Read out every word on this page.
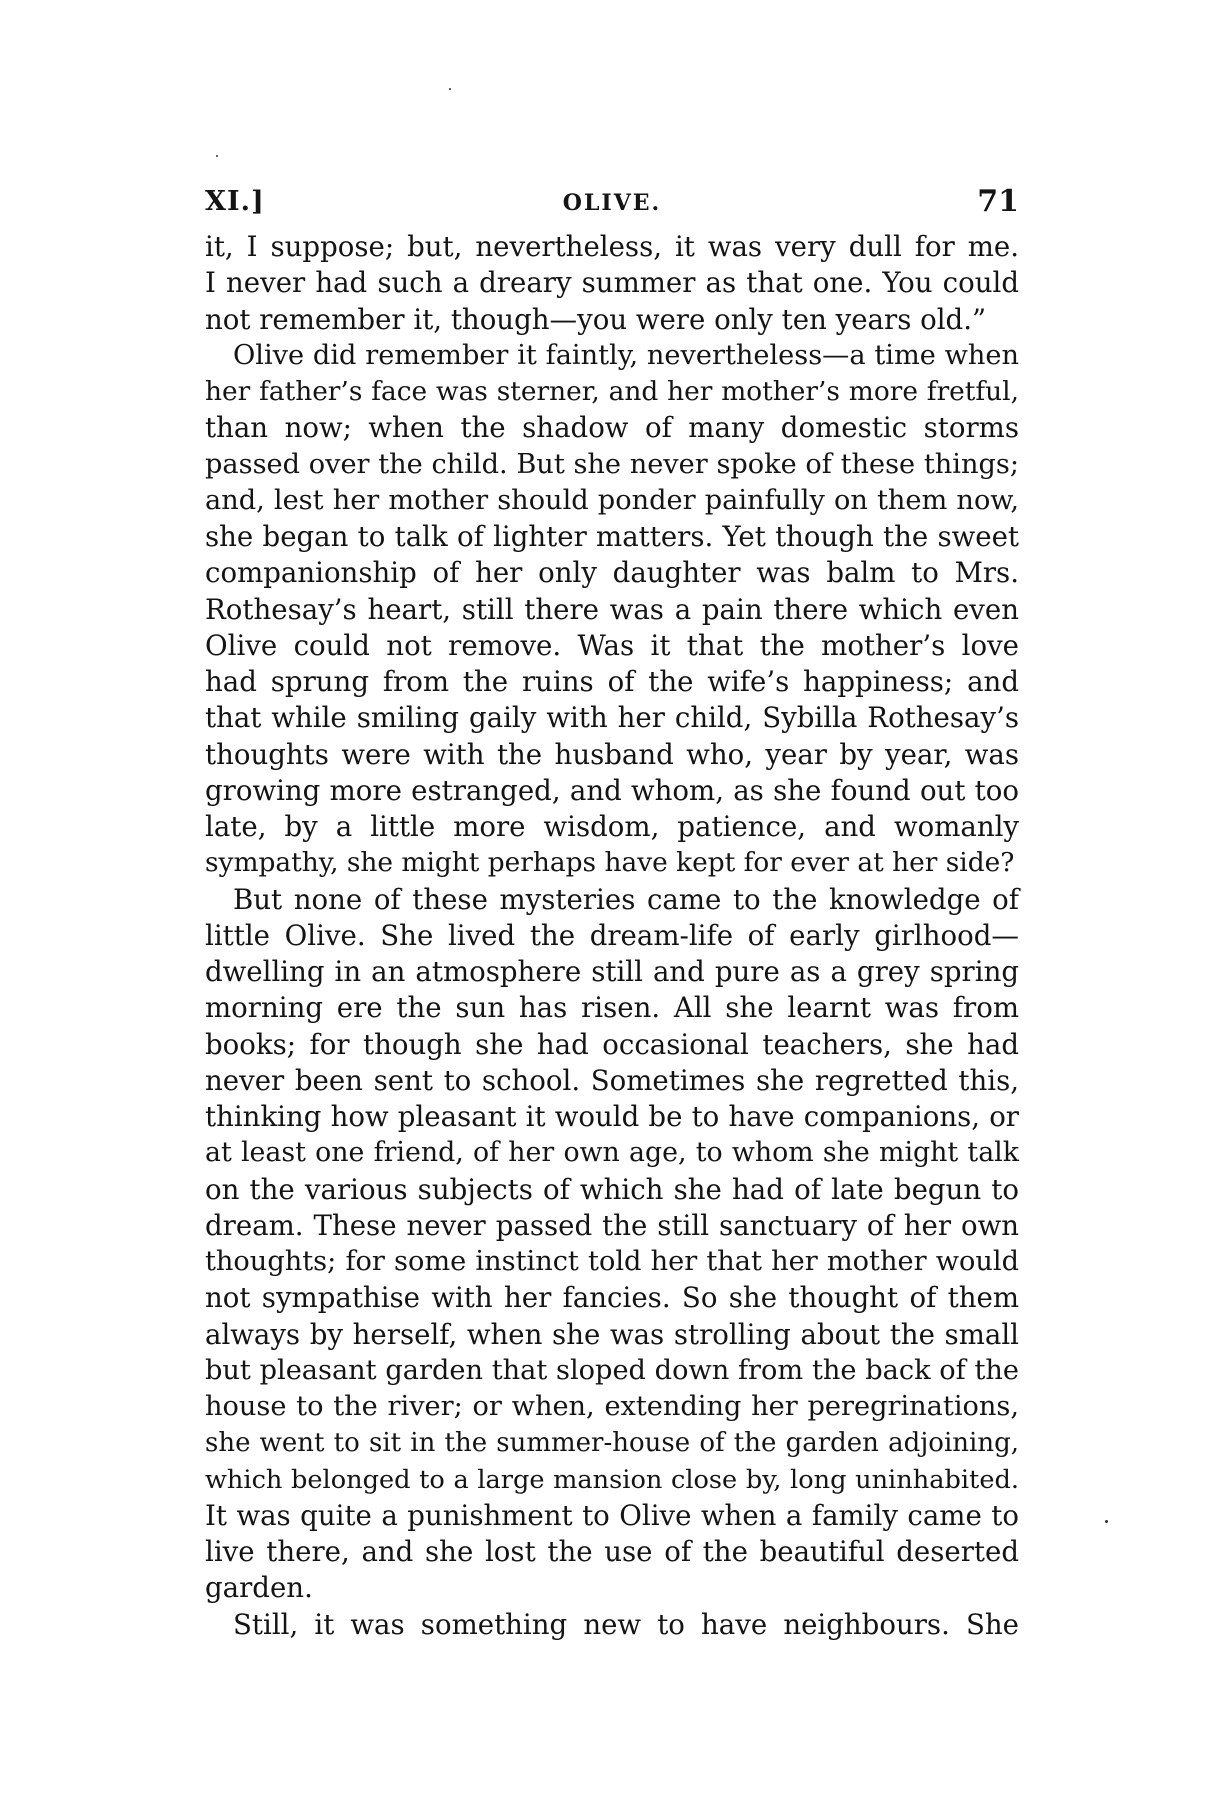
XI.]	OLIVE.	71
it, I suppose; but, nevertheless, it was very dull for me.
I never had such a dreary summer as that one. You could
not remember it, though—you were only ten years old.”
Olive did remember it faintly, nevertheless—a time when
her father’s face was sterner, and her mother’s more fretful,
than now; when the shadow of many domestic storms
passed over the child. But she never spoke of these things;
and, lest her mother should ponder painfully on them now,
she began to talk of lighter matters. Yet though the sweet
companionship of her only daughter was balm to Mrs.
Rothesay’s heart, still there was a pain there which even
Olive could not remove. Was it that the mother’s love
had sprung from the ruins of the wife’s happiness; and
that while smiling gaily with her child, Sybilla Rothesay’s
thoughts were with the husband who, year by year, was
growing more estranged, and whom, as she found out too
late, by a little more wisdom, patience, and womanly
sympathy, she might perhaps have kept for ever at her side?
But none of these mysteries came to the knowledge of
little Olive. She lived the dream-life of early girlhood—
dwelling in an atmosphere still and pure as a grey spring
morning ere the sun has risen. All she learnt was from
books; for though she had occasional teachers, she had
never been sent to school. Sometimes she regretted this,
thinking how pleasant it would be to have companions, or
at least one friend, of her own age, to whom she might talk
on the various subjects of which she had of late begun to
dream. These never passed the still sanctuary of her own
thoughts; for some instinct told her that her mother would
not sympathise with her fancies. So she thought of them
always by herself, when she was strolling about the small
but pleasant garden that sloped down from the back of the
house to the river; or when, extending her peregrinations,
she went to sit in the summer-house of the garden adjoining,
which belonged to a large mansion close by, long uninhabited.
It was quite a punishment to Olive when a family came to
live there, and she lost the use of the beautiful deserted
garden.
Still, it was something new to have neighbours. She
